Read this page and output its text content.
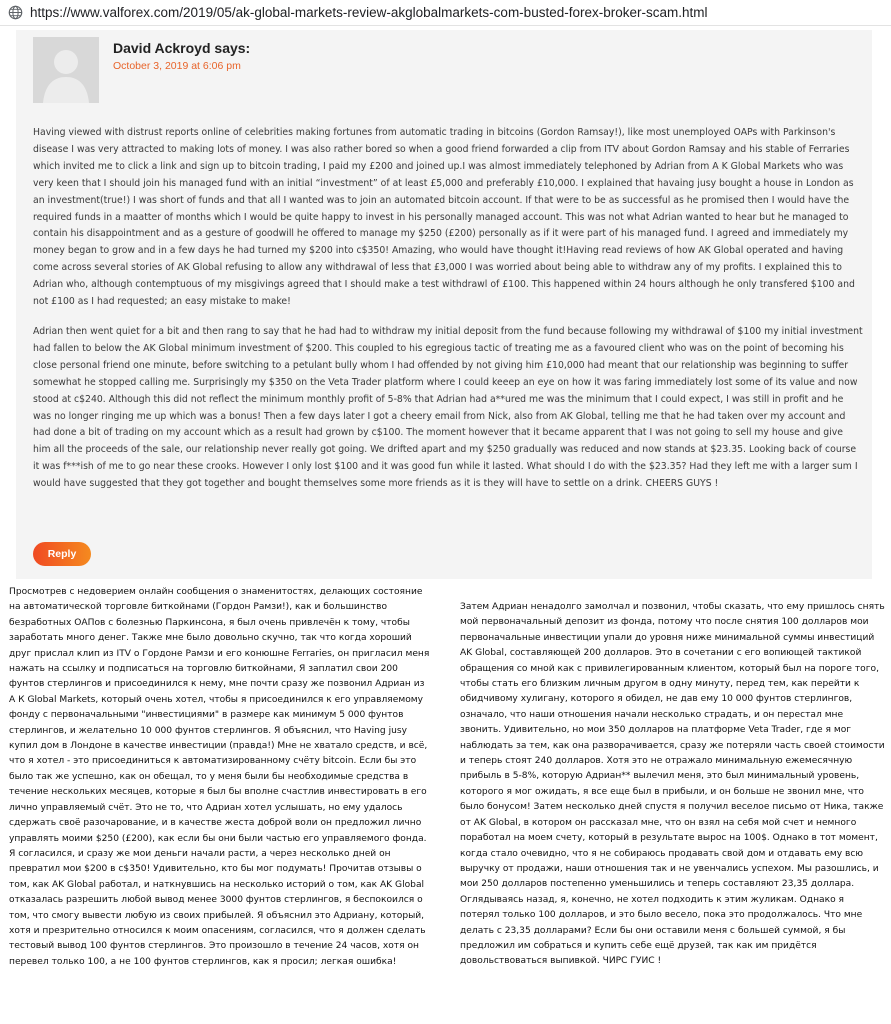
https://www.valforex.com/2019/05/ak-global-markets-review-akglobalmarkets-com-busted-forex-broker-scam.html
David Ackroyd says:
October 3, 2019 at 6:06 pm

Having viewed with distrust reports online of celebrities making fortunes from automatic trading in bitcoins (Gordon Ramsay!), like most unemployed OAPs with Parkinson's disease I was very attracted to making lots of money. I was also rather bored so when a good friend forwarded a clip from ITV about Gordon Ramsay and his stable of Ferraries which invited me to click a link and sign up to bitcoin trading, I paid my £200 and joined up.I was almost immediately telephoned by Adrian from A K Global Markets who was very keen that I should join his managed fund with an initial “investment” of at least £5,000 and preferably £10,000. I explained that havaing jusy bought a house in London as an investment(true!) I was short of funds and that all I wanted was to join an automated bitcoin account. If that were to be as successful as he promised then I would have the required funds in a maatter of months which I would be quite happy to invest in his personally managed account. This was not what Adrian wanted to hear but he managed to contain his disappointment and as a gesture of goodwill he offered to manage my $250 (£200) personally as if it were part of his managed fund. I agreed and immediately my money began to grow and in a few days he had turned my $200 into c$350! Amazing, who would have thought it!Having read reviews of how AK Global operated and having come across several stories of AK Global refusing to allow any withdrawal of less that £3,000 I was worried about being able to withdraw any of my profits. I explained this to Adrian who, although contemptuous of my misgivings agreed that I should make a test withdrawl of £100. This happened within 24 hours although he only transfered $100 and not £100 as I had requested; an easy mistake to make!

Adrian then went quiet for a bit and then rang to say that he had had to withdraw my initial deposit from the fund because following my withdrawal of $100 my initial investment had fallen to below the AK Global minimum investment of $200. This coupled to his egregious tactic of treating me as a favoured client who was on the point of becoming his close personal friend one minute, before switching to a petulant bully whom I had offended by not giving him £10,000 had meant that our relationship was beginning to suffer somewhat he stopped calling me. Surprisingly my $350 on the Veta Trader platform where I could keeep an eye on how it was faring immediately lost some of its value and now stood at c$240. Although this did not reflect the minimum monthly profit of 5-8% that Adrian had a**ured me was the minimum that I could expect, I was still in profit and he was no longer ringing me up which was a bonus! Then a few days later I got a cheery email from Nick, also from AK Global, telling me that he had taken over my account and had done a bit of trading on my account which as a result had grown by c$100. The moment however that it became apparent that I was not going to sell my house and give him all the proceeds of the sale, our relationship never really got going. We drifted apart and my $250 gradually was reduced and now stands at $23.35. Looking back of course it was f***ish of me to go near these crooks. However I only lost $100 and it was good fun while it lasted. What should I do with the $23.35? Had they left me with a larger sum I would have suggested that they got together and bought themselves some more friends as it is they will have to settle on a drink. CHEERS GUYS !

Reply
Просмотрев с недоверием онлайн сообщения о знаменитостях, делающих состояние на автоматической торговле биткойнами (Гордон Рамзи!), как и большинство безработных ОАПов с болезнью Паркинсона, я был очень привлечён к тому, чтобы заработать много денег. Также мне было довольно скучно, так что когда хороший друг прислал клип из ITV о Гордоне Рамзи и его конюшне Ferraries, он пригласил меня нажать на ссылку и подписаться на торговлю биткойнами, Я заплатил свои 200 фунтов стерлингов и присоединился к нему, мне почти сразу же позвонил Адриан из А К Global Markets, который очень хотел, чтобы я присоединился к его управляемому фонду с первоначальными "инвестициями" в размере как минимум 5 000 фунтов стерлингов, и желательно 10 000 фунтов стерлингов. Я объяснил, что Having jusy купил дом в Лондоне в качестве инвестиции (правда!) Мне не хватало средств, и всё, что я хотел - это присоединиться к автоматизированному счёту bitcoin. Если бы это было так же успешно, как он обещал, то у меня были бы необходимые средства в течение нескольких месяцев, которые я был бы вполне счастлив инвестировать в его лично управляемый счёт. Это не то, что Адриан хотел услышать, но ему удалось сдержать своё разочарование, и в качестве жеста доброй воли он предложил лично управлять моими $250 (£200), как если бы они были частью его управляемого фонда. Я согласился, и сразу же мои деньги начали расти, а через несколько дней он превратил мои $200 в с$350! Удивительно, кто бы мог подумать! Прочитав отзывы о том, как AK Global работал, и наткнувшись на несколько историй о том, как AK Global отказалась разрешить любой вывод менее 3000 фунтов стерлингов, я беспокоился о том, что смогу вывести любую из своих прибылей. Я объяснил это Адриану, который, хотя и презрительно относился к моим опасениям, согласился, что я должен сделать тестовый вывод 100 фунтов стерлингов. Это произошло в течение 24 часов, хотя он перевел только 100, а не 100 фунтов стерлингов, как я просил; легкая ошибка!
Затем Адриан ненадолго замолчал и позвонил, чтобы сказать, что ему пришлось снять мой первоначальный депозит из фонда, потому что после снятия 100 долларов мои первоначальные инвестиции упали до уровня ниже минимальной суммы инвестиций AK Global, составляющей 200 долларов. Это в сочетании с его вопиющей тактикой обращения со мной как с привилегированным клиентом, который был на пороге того, чтобы стать его близким личным другом в одну минуту, перед тем, как перейти к обидчивому хулигану, которого я обидел, не дав ему 10 000 фунтов стерлингов, означало, что наши отношения начали несколько страдать, и он перестал мне звонить. Удивительно, но мои 350 долларов на платформе Veta Trader, где я мог наблюдать за тем, как она разворачивается, сразу же потеряли часть своей стоимости и теперь стоят 240 долларов. Хотя это не отражало минимальную ежемесячную прибыль в 5-8%, которую Адриан** вылечил меня, это был минимальный уровень, которого я мог ожидать, я все еще был в прибыли, и он больше не звонил мне, что было бонусом! Затем несколько дней спустя я получил веселое письмо от Ника, также от AK Global, в котором он рассказал мне, что он взял на себя мой счет и немного поработал на моем счету, который в результате вырос на 100$. Однако в тот момент, когда стало очевидно, что я не собираюсь продавать свой дом и отдавать ему всю выручку от продажи, наши отношения так и не увенчались успехом. Мы разошлись, и мои 250 долларов постепенно уменьшились и теперь составляют 23,35 доллара. Оглядываясь назад, я, конечно, не хотел подходить к этим жуликам. Однако я потерял только 100 долларов, и это было весело, пока это продолжалось. Что мне делать с 23,35 долларами? Если бы они оставили меня с большей суммой, я бы предложил им собраться и купить себе ещё друзей, так как им придётся довольствоваться выпивкой. ЧИРС ГУИС !
